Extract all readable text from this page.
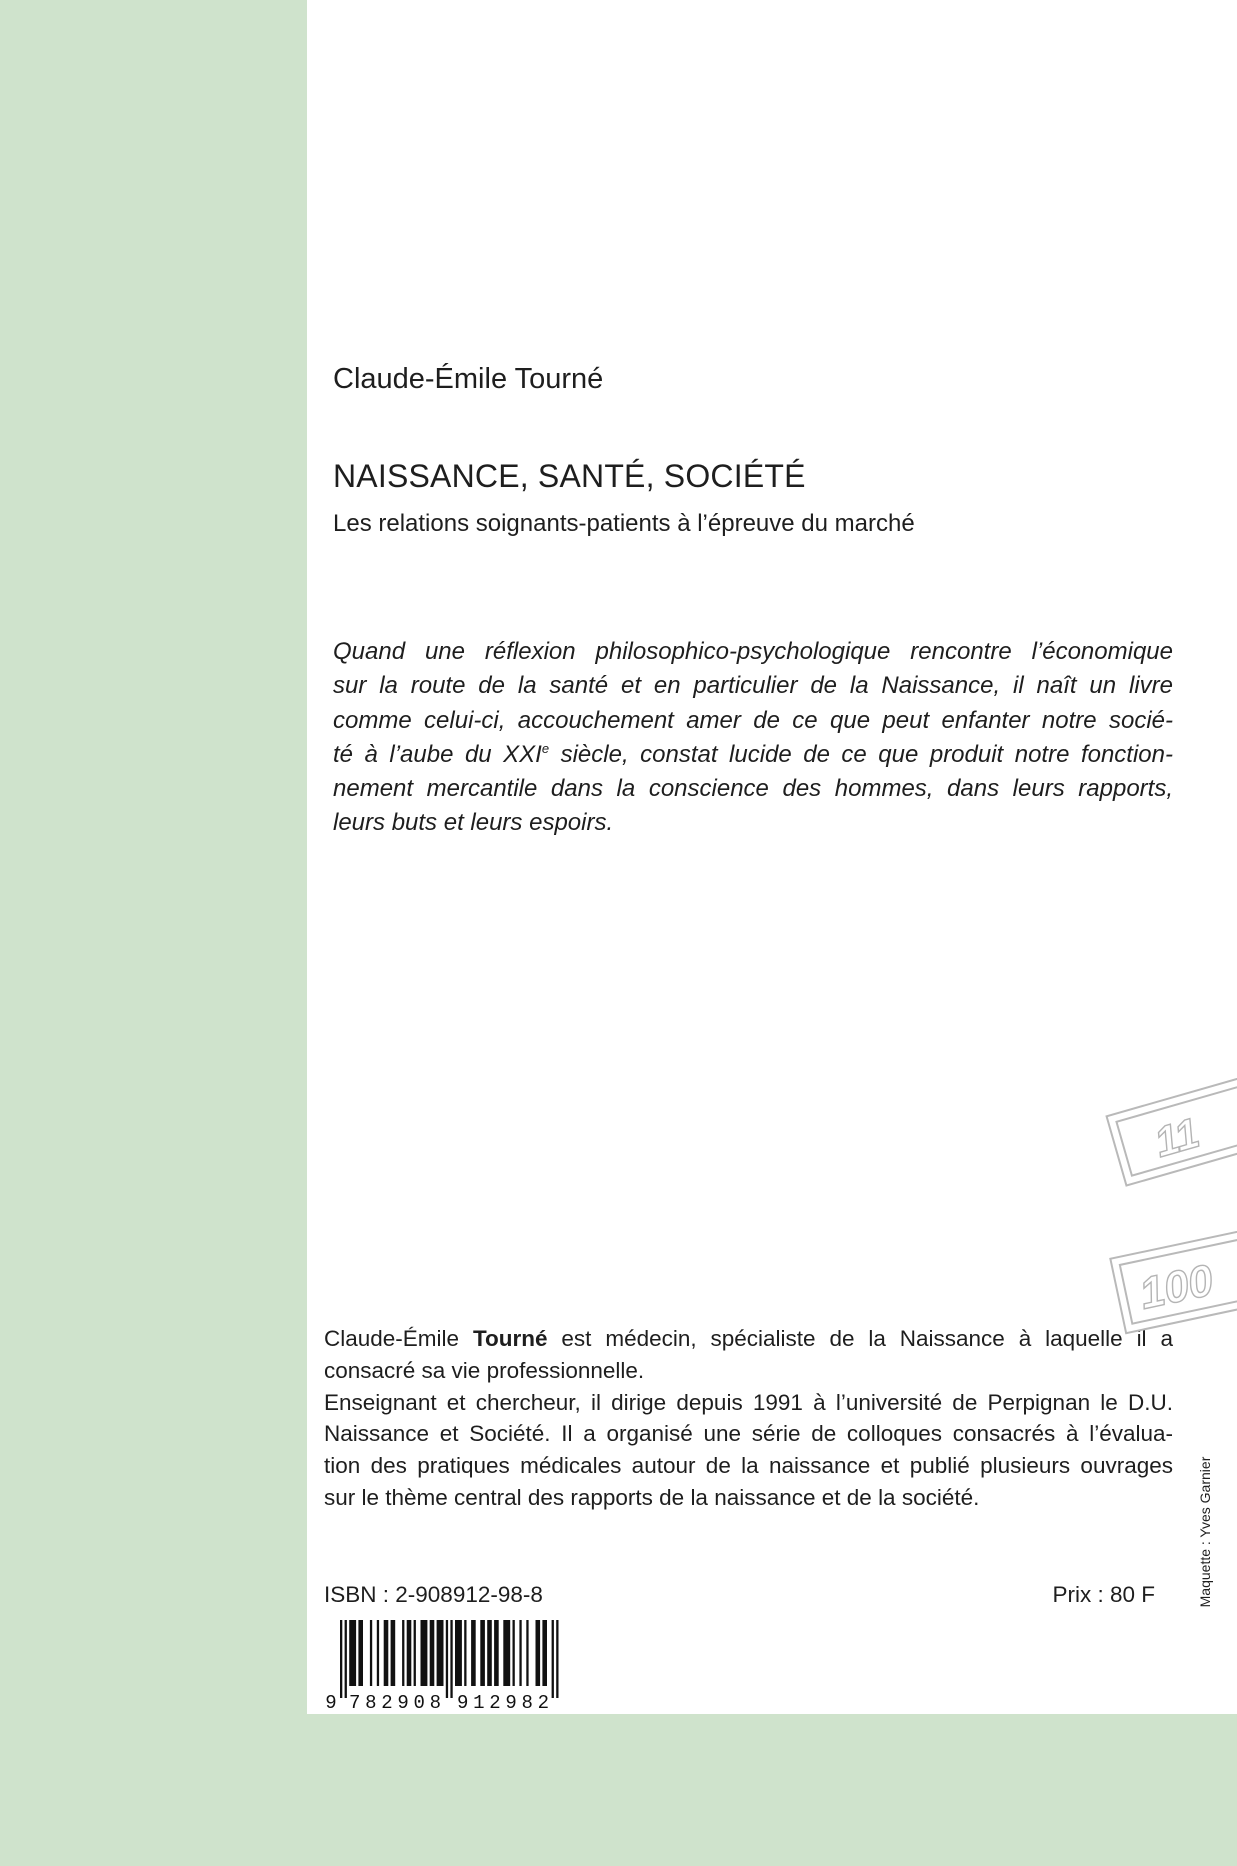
Claude-Émile Tourné
NAISSANCE, SANTÉ, SOCIÉTÉ
Les relations soignants-patients à l’épreuve du marché
Quand une réflexion philosophico-psychologique rencontre l’économique
sur la route de la santé et en particulier de la Naissance, il naît un livre
comme celui-ci, accouchement amer de ce que peut enfanter notre socié-
té à l’aube du XXIe siècle, constat lucide de ce que produit notre fonction-
nement mercantile dans la conscience des hommes, dans leurs rapports,
leurs buts et leurs espoirs.
Claude-Émile Tourné est médecin, spécialiste de la Naissance à laquelle il a
consacré sa vie professionnelle.
Enseignant et chercheur, il dirige depuis 1991 à l’université de Perpignan le D.U.
Naissance et Société. Il a organisé une série de colloques consacrés à l’évalua-
tion des pratiques médicales autour de la naissance et publié plusieurs ouvrages
sur le thème central des rapports de la naissance et de la société.
ISBN : 2-908912-98-8	Prix : 80 F
9 782908 912982
Maquette : Yves Garnier
11
100
